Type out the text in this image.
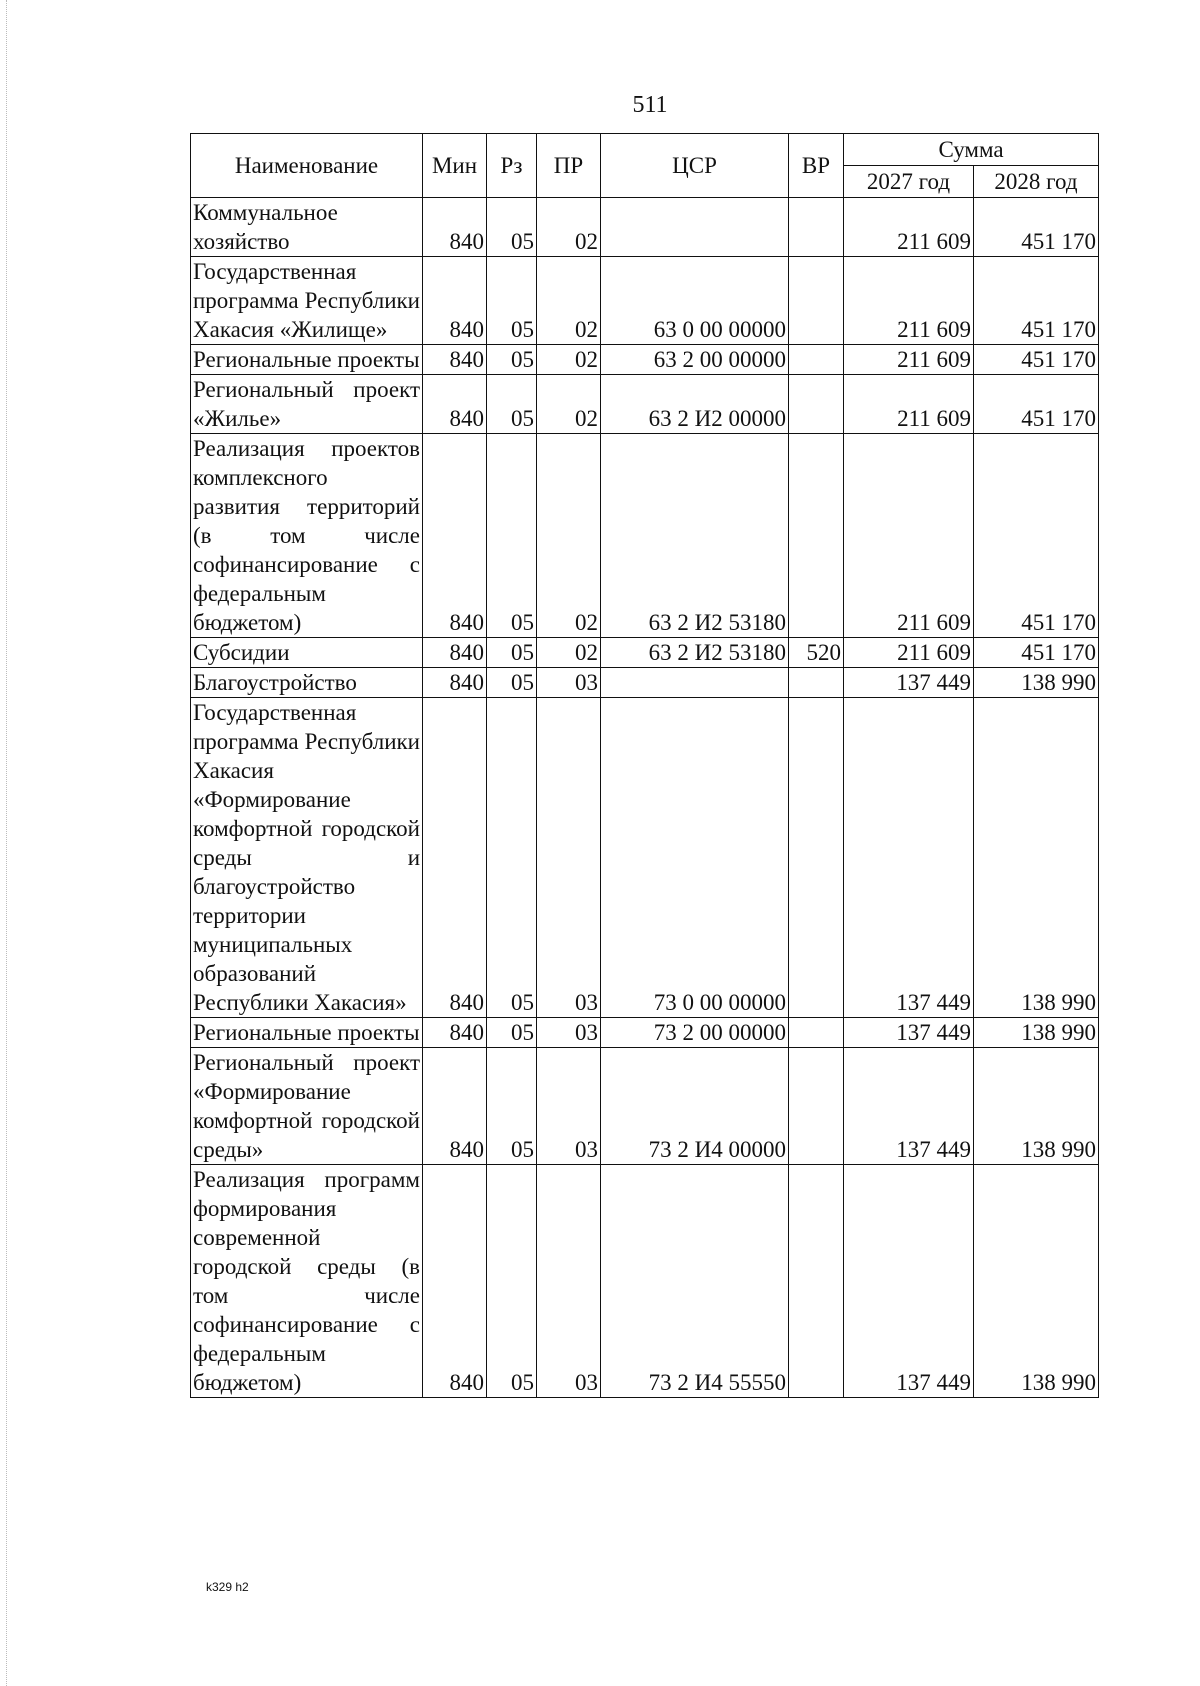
511
Наименование	Мин	Рз	ПР	ЦСР	ВР	Сумма	
						2027 год	2028 год
Коммунальное хозяйство	840	05	02			211 609	451 170
Государственная программа Республики Хакасия «Жилище»	840	05	02	63 0 00 00000		211 609	451 170
Региональные проекты	840	05	02	63 2 00 00000		211 609	451 170
Региональный проект «Жилье»	840	05	02	63 2 И2 00000		211 609	451 170
Реализация проектов комплексного развития территорий (в том числе софинансирование с федеральным бюджетом)	840	05	02	63 2 И2 53180		211 609	451 170
Субсидии	840	05	02	63 2 И2 53180	520	211 609	451 170
Благоустройство	840	05	03			137 449	138 990
Государственная программа Республики Хакасия «Формирование комфортной городской среды и благоустройство территории муниципальных образований Республики Хакасия»	840	05	03	73 0 00 00000		137 449	138 990
Региональные проекты	840	05	03	73 2 00 00000		137 449	138 990
Региональный проект «Формирование комфортной городской среды»	840	05	03	73 2 И4 00000		137 449	138 990
Реализация программ формирования современной городской среды (в том числе софинансирование с федеральным бюджетом)	840	05	03	73 2 И4 55550		137 449	138 990
k329 h2
